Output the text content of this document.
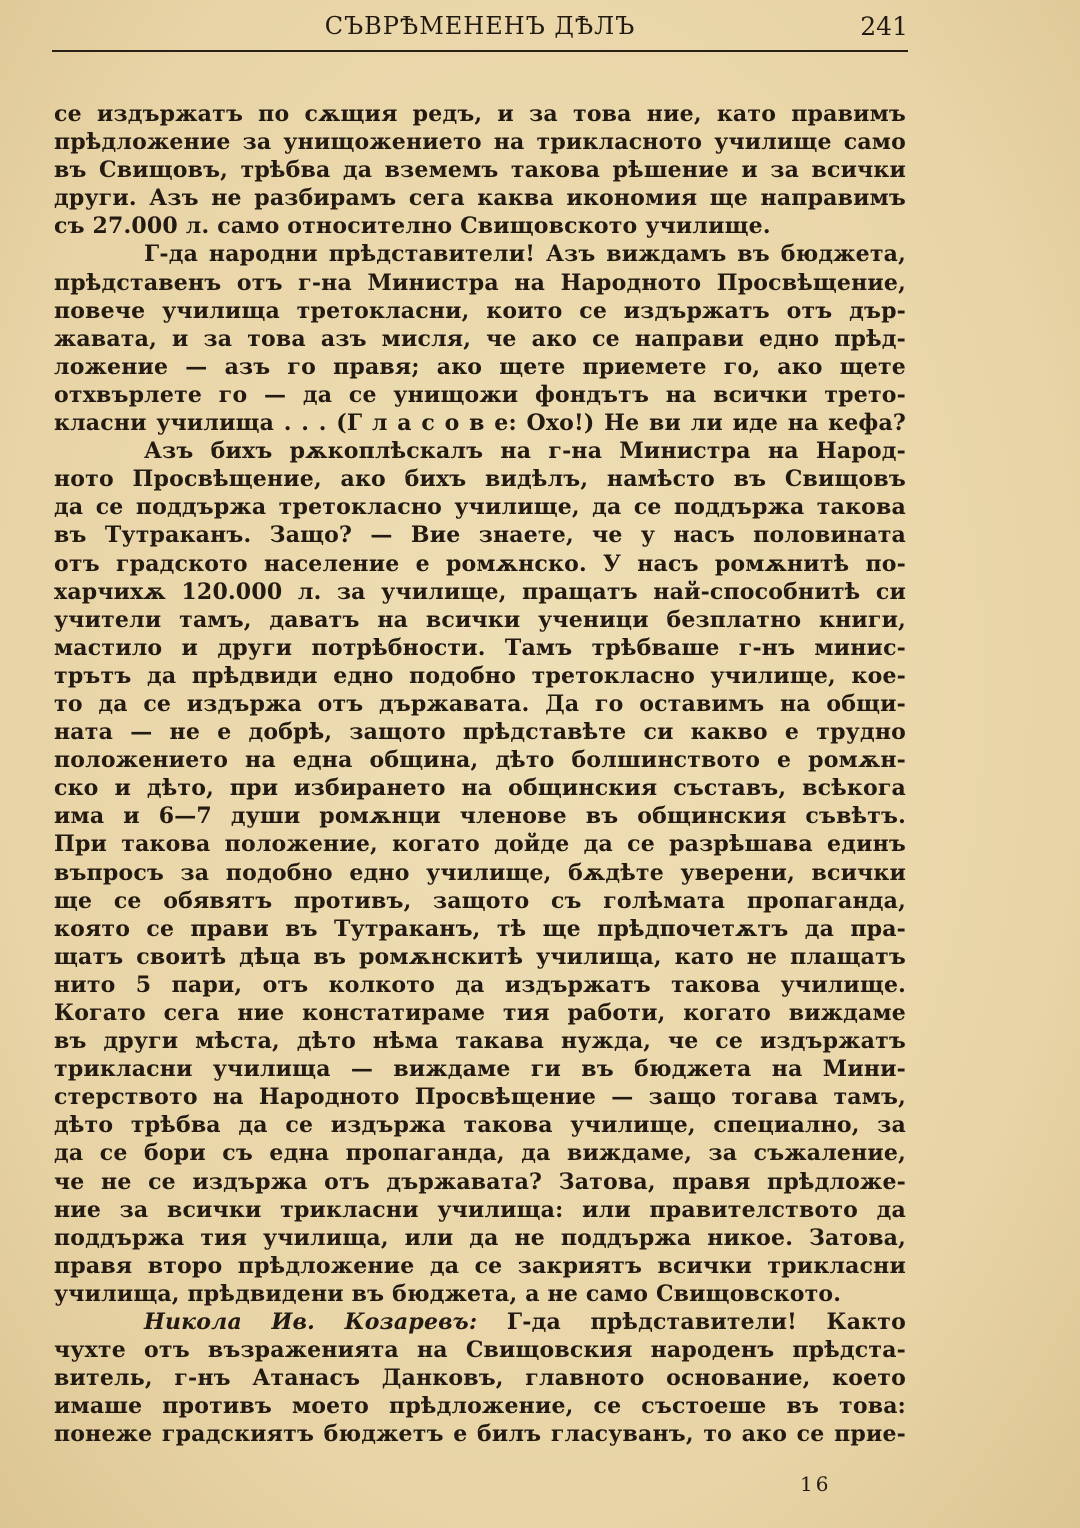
СЪВРѢМЕНЕНЪ ДѢЛЪ	241
се издържатъ по сѫщия редъ, и за това ние, като правимъ
прѣдложение за унищожението на трикласното училище само
въ Свищовъ, трѣбва да вземемъ такова рѣшение и за всички
други. Азъ не разбирамъ сега каква икономия ще направимъ
съ 27.000 л. само относително Свищовското училище.
Г-да народни прѣдставители! Азъ виждамъ въ бюджета,
прѣдставенъ отъ г-на Министра на Народното Просвѣщение,
повече училища третокласни, които се издържатъ отъ дър-
жавата, и за това азъ мисля, че ако се направи едно прѣд-
ложение — азъ го правя; ако щете приемете го, ако щете
отхвърлете го — да се унищожи фондътъ на всички трето-
класни училища . . . (Г л а с о в е: Охо!) Не ви ли иде на кефа?
Азъ бихъ рѫкоплѣскалъ на г-на Министра на Народ-
ното Просвѣщение, ако бихъ видѣлъ, намѣсто въ Свищовъ
да се поддържа третокласно училище, да се поддържа такова
въ Тутраканъ. Защо? — Вие знаете, че у насъ половината
отъ градското население е ромѫнско. У насъ ромѫнитѣ по-
харчихѫ 120.000 л. за училище, пращатъ най-способнитѣ си
учители тамъ, даватъ на всички ученици безплатно книги,
мастило и други потрѣбности. Тамъ трѣбваше г-нъ минис-
трътъ да прѣдвиди едно подобно третокласно училище, кое-
то да се издържа отъ държавата. Да го оставимъ на общи-
ната — не е добрѣ, защото прѣдставѣте си какво е трудно
положението на една община, дѣто болшинството е ромѫн-
ско и дѣто, при избирането на общинския съставъ, всѣкога
има и 6—7 души ромѫнци членове въ общинския съвѣтъ.
При такова положение, когато дойде да се разрѣшава единъ
въпросъ за подобно едно училище, бѫдѣте уверени, всички
ще се обявятъ противъ, защото съ голѣмата пропаганда,
която се прави въ Тутраканъ, тѣ ще прѣдпочетѫтъ да пра-
щатъ своитѣ дѣца въ ромѫнскитѣ училища, като не плащатъ
нито 5 пари, отъ колкото да издържатъ такова училище.
Когато сега ние констатираме тия работи, когато виждаме
въ други мѣста, дѣто нѣма такава нужда, че се издържатъ
трикласни училища — виждаме ги въ бюджета на Мини-
стерството на Народното Просвѣщение — защо тогава тамъ,
дѣто трѣбва да се издържа такова училище, специално, за
да се бори съ една пропаганда, да виждаме, за съжаление,
че не се издържа отъ държавата? Затова, правя прѣдложе-
ние за всички трикласни училища: или правителството да
поддържа тия училища, или да не поддържа никое. Затова,
правя второ прѣдложение да се закриятъ всички трикласни
училища, прѣдвидени въ бюджета, а не само Свищовското.
Никола Ив. Козаревъ: Г-да прѣдставители! Както
чухте отъ възраженията на Свищовския народенъ прѣдста-
витель, г-нъ Атанасъ Данковъ, главното основание, което
имаше противъ моето прѣдложение, се състоеше въ това:
понеже градскиятъ бюджетъ е билъ гласуванъ, то ако се прие-
16
